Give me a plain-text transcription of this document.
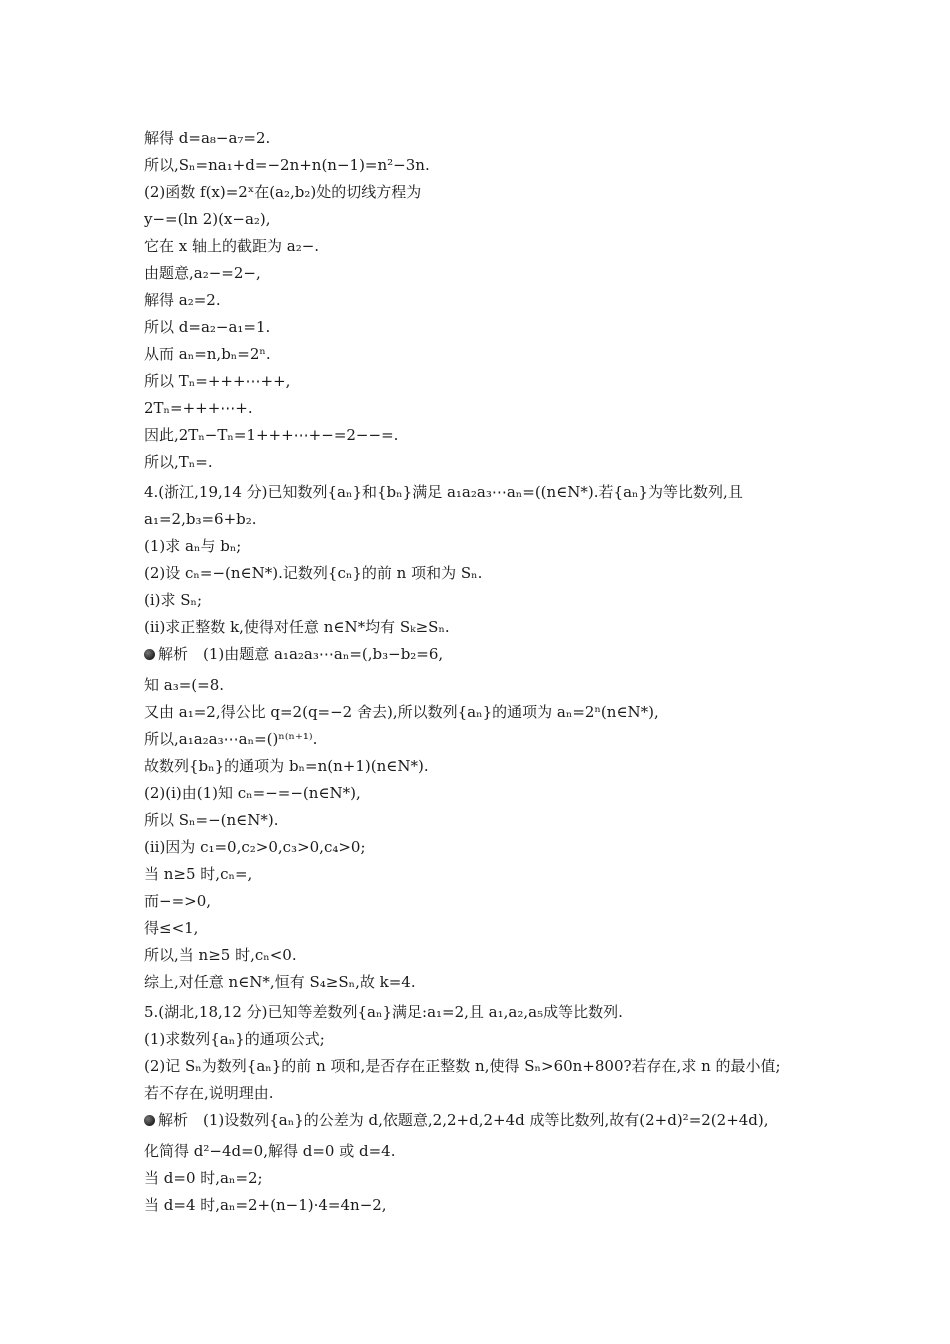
解得 d=a₈−a₇=2.
所以,Sₙ=na₁+d=−2n+n(n−1)=n²−3n.
(2)函数 f(x)=2ˣ在(a₂,b₂)处的切线方程为
y−=(ln 2)(x−a₂),
它在 x 轴上的截距为 a₂−.
由题意,a₂−=2−,
解得 a₂=2.
所以 d=a₂−a₁=1.
从而 aₙ=n,bₙ=2ⁿ.
所以 Tₙ=+++⋯++,
2Tₙ=+++⋯+.
因此,2Tₙ−Tₙ=1+++⋯+−=2−−=.
所以,Tₙ=.
4.(浙江,19,14 分)已知数列{aₙ}和{bₙ}满足 a₁a₂a₃⋯aₙ=((n∈N*).若{aₙ}为等比数列,且
a₁=2,b₃=6+b₂.
(1)求 aₙ与 bₙ;
(2)设 cₙ=−(n∈N*).记数列{cₙ}的前 n 项和为 Sₙ.
(i)求 Sₙ;
(ii)求正整数 k,使得对任意 n∈N*均有 Sₖ≥Sₙ.
解析　(1)由题意 a₁a₂a₃⋯aₙ=(,b₃−b₂=6,
知 a₃=(=8.
又由 a₁=2,得公比 q=2(q=−2 舍去),所以数列{aₙ}的通项为 aₙ=2ⁿ(n∈N*),
所以,a₁a₂a₃⋯aₙ=()ⁿ⁽ⁿ⁺¹⁾.
故数列{bₙ}的通项为 bₙ=n(n+1)(n∈N*).
(2)(i)由(1)知 cₙ=−=−(n∈N*),
所以 Sₙ=−(n∈N*).
(ii)因为 c₁=0,c₂>0,c₃>0,c₄>0;
当 n≥5 时,cₙ=,
而−=>0,
得≤<1,
所以,当 n≥5 时,cₙ<0.
综上,对任意 n∈N*,恒有 S₄≥Sₙ,故 k=4.
5.(湖北,18,12 分)已知等差数列{aₙ}满足:a₁=2,且 a₁,a₂,a₅成等比数列.
(1)求数列{aₙ}的通项公式;
(2)记 Sₙ为数列{aₙ}的前 n 项和,是否存在正整数 n,使得 Sₙ>60n+800?若存在,求 n 的最小值;
若不存在,说明理由.
解析　(1)设数列{aₙ}的公差为 d,依题意,2,2+d,2+4d 成等比数列,故有(2+d)²=2(2+4d),
化简得 d²−4d=0,解得 d=0 或 d=4.
当 d=0 时,aₙ=2;
当 d=4 时,aₙ=2+(n−1)·4=4n−2,
